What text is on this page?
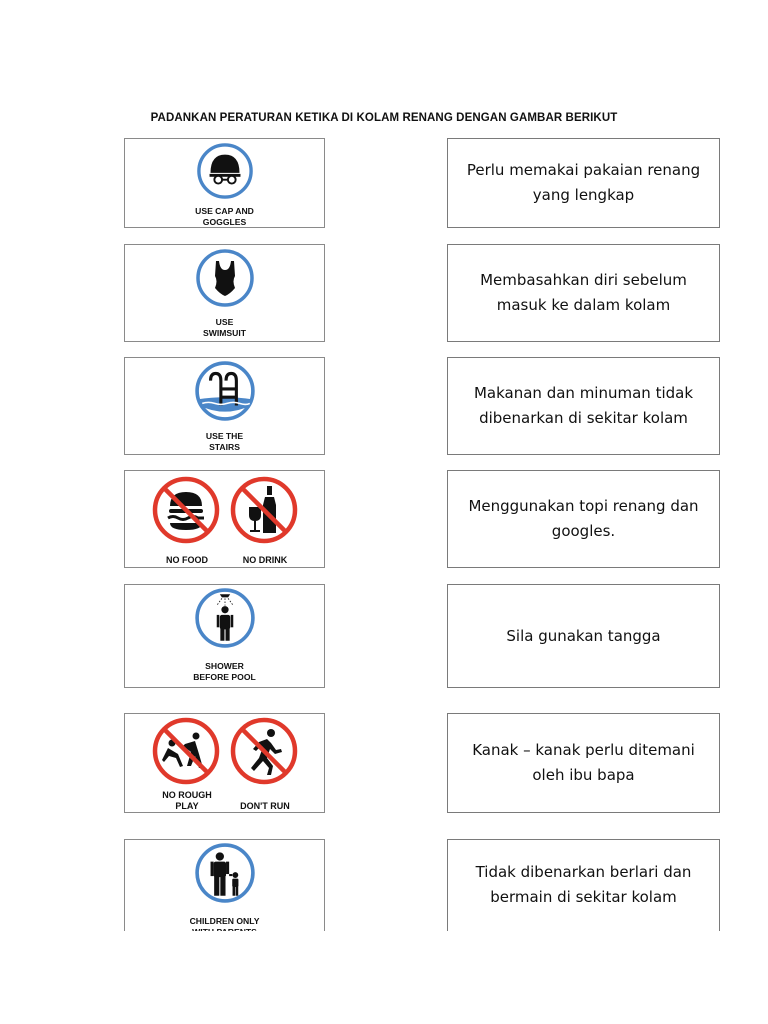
PADANKAN PERATURAN KETIKA DI KOLAM RENANG DENGAN GAMBAR BERIKUT
USE CAP AND
GOGGLES
USE
SWIMSUIT
USE THE
STAIRS
NO FOOD	NO DRINK
SHOWER
BEFORE POOL
NO ROUGH
PLAY	DON'T RUN
CHILDREN ONLY

Perlu memakai pakaian renang yang lengkap
Membasahkan diri sebelum masuk ke dalam kolam
Makanan dan minuman tidak dibenarkan di sekitar kolam
Menggunakan topi renang dan googles.
Sila gunakan tangga
Kanak – kanak perlu ditemani oleh ibu bapa
Tidak dibenarkan berlari dan bermain di sekitar kolam
